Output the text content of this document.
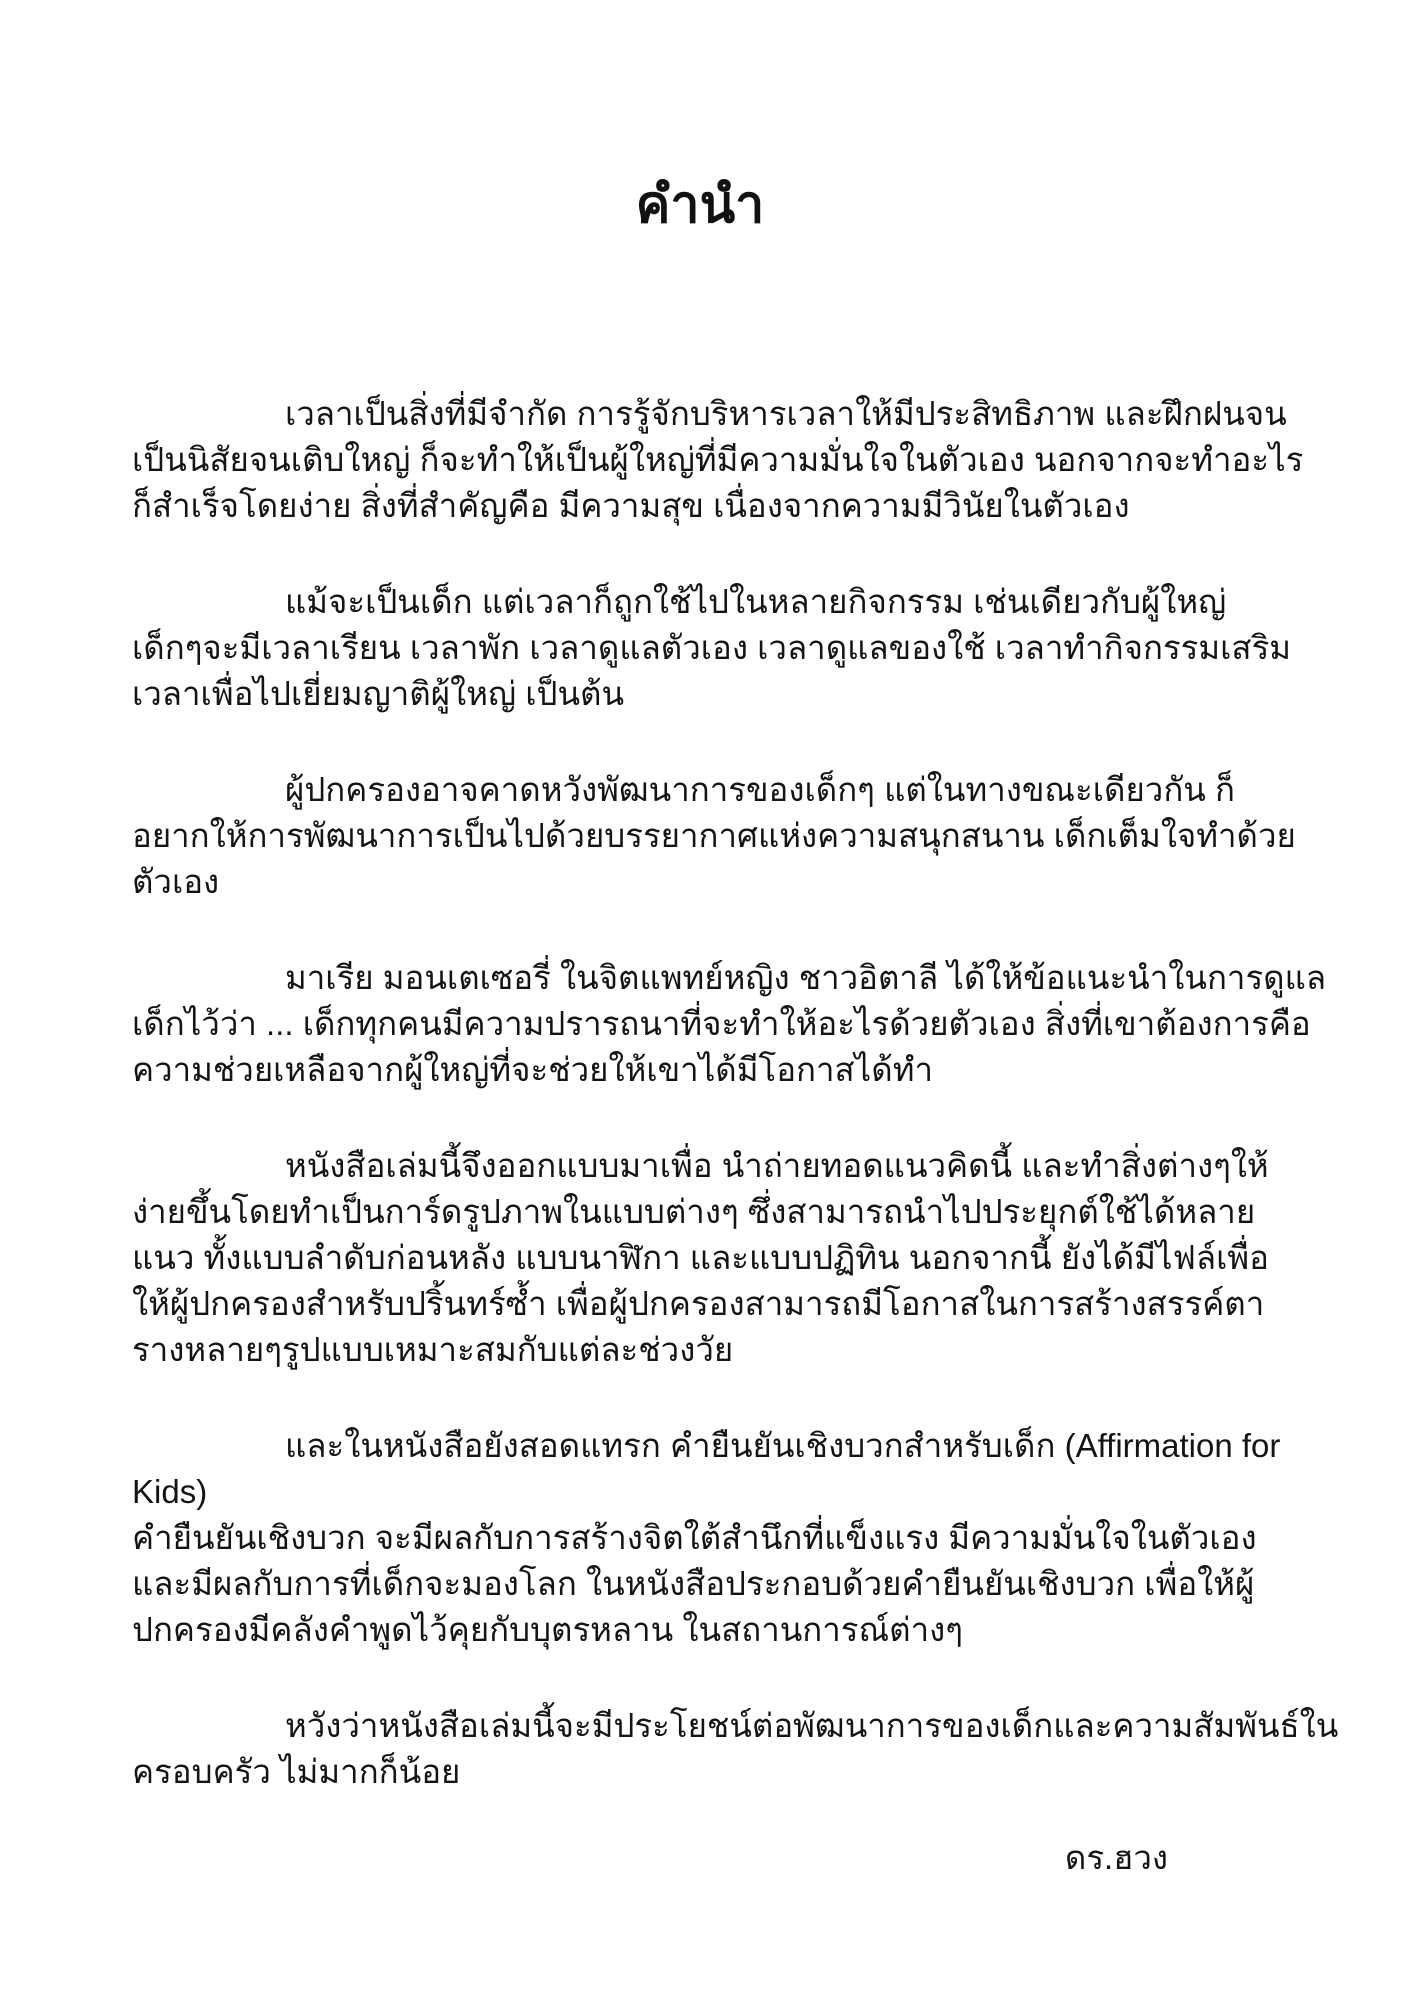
คำนำ

เวลาเป็นสิ่งที่มีจำกัด การรู้จักบริหารเวลาให้มีประสิทธิภาพ และฝึกฝนจน
เป็นนิสัยจนเติบใหญ่ ก็จะทำให้เป็นผู้ใหญ่ที่มีความมั่นใจในตัวเอง นอกจากจะทำอะไร
ก็สำเร็จโดยง่าย สิ่งที่สำคัญคือ มีความสุข เนื่องจากความมีวินัยในตัวเอง

แม้จะเป็นเด็ก แต่เวลาก็ถูกใช้ไปในหลายกิจกรรม เช่นเดียวกับผู้ใหญ่
เด็กๆจะมีเวลาเรียน เวลาพัก เวลาดูแลตัวเอง เวลาดูแลของใช้ เวลาทำกิจกรรมเสริม
เวลาเพื่อไปเยี่ยมญาติผู้ใหญ่ เป็นต้น

ผู้ปกครองอาจคาดหวังพัฒนาการของเด็กๆ แต่ในทางขณะเดียวกัน ก็
อยากให้การพัฒนาการเป็นไปด้วยบรรยากาศแห่งความสนุกสนาน เด็กเต็มใจทำด้วย
ตัวเอง

มาเรีย มอนเตเซอรี่ ในจิตแพทย์หญิง ชาวอิตาลี ได้ให้ข้อแนะนำในการดูแล
เด็กไว้ว่า ... เด็กทุกคนมีความปรารถนาที่จะทำให้อะไรด้วยตัวเอง สิ่งที่เขาต้องการคือ
ความช่วยเหลือจากผู้ใหญ่ที่จะช่วยให้เขาได้มีโอกาสได้ทำ

หนังสือเล่มนี้จึงออกแบบมาเพื่อ นำถ่ายทอดแนวคิดนี้ และทำสิ่งต่างๆให้
ง่ายขึ้นโดยทำเป็นการ์ดรูปภาพในแบบต่างๆ ซึ่งสามารถนำไปประยุกต์ใช้ได้หลาย
แนว ทั้งแบบลำดับก่อนหลัง แบบนาฬิกา และแบบปฏิทิน นอกจากนี้ ยังได้มีไฟล์เพื่อ
ให้ผู้ปกครองสำหรับปริ้นทร์ซ้ำ เพื่อผู้ปกครองสามารถมีโอกาสในการสร้างสรรค์ตา
รางหลายๆรูปแบบเหมาะสมกับแต่ละช่วงวัย

และในหนังสือยังสอดแทรก คำยืนยันเชิงบวกสำหรับเด็ก (Affirmation for
Kids)
คำยืนยันเชิงบวก จะมีผลกับการสร้างจิตใต้สำนึกที่แข็งแรง มีความมั่นใจในตัวเอง
และมีผลกับการที่เด็กจะมองโลก ในหนังสือประกอบด้วยคำยืนยันเชิงบวก เพื่อให้ผู้
ปกครองมีคลังคำพูดไว้คุยกับบุตรหลาน ในสถานการณ์ต่างๆ

หวังว่าหนังสือเล่มนี้จะมีประโยชน์ต่อพัฒนาการของเด็กและความสัมพันธ์ใน
ครอบครัว ไม่มากก็น้อย

ดร.ฮวง
